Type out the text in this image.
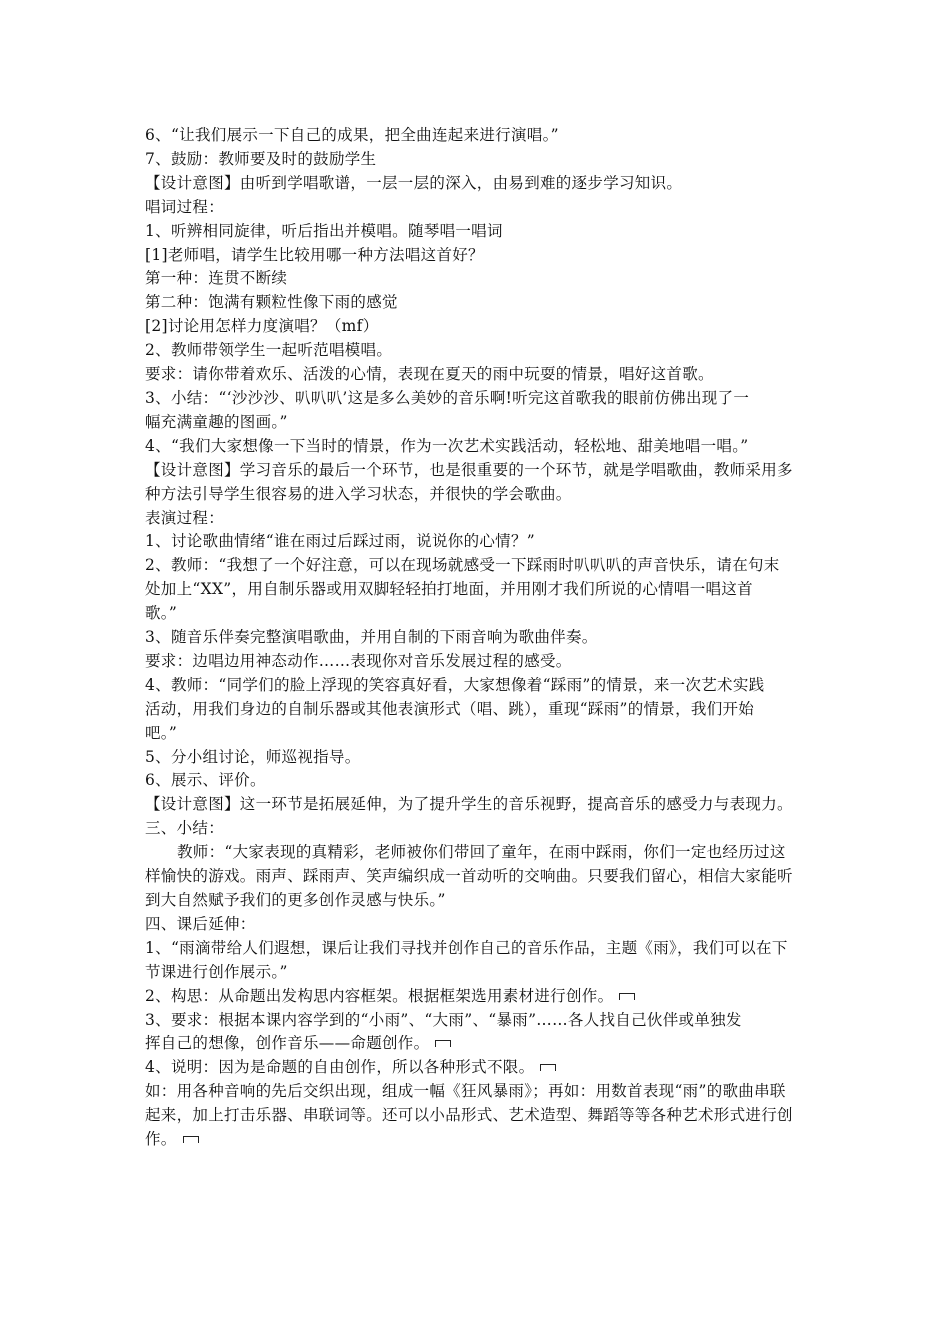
6、“让我们展示一下自己的成果，把全曲连起来进行演唱。”
7、鼓励：教师要及时的鼓励学生
【设计意图】由听到学唱歌谱，一层一层的深入，由易到难的逐步学习知识。
唱词过程：
1、听辨相同旋律，听后指出并模唱。随琴唱一唱词
[1]老师唱，请学生比较用哪一种方法唱这首好？
第一种：连贯不断续
第二种：饱满有颗粒性像下雨的感觉
[2]讨论用怎样力度演唱？（mf）
2、教师带领学生一起听范唱模唱。
要求：请你带着欢乐、活泼的心情，表现在夏天的雨中玩耍的情景，唱好这首歌。
3、小结：“‘沙沙沙、叭叭叭’这是多么美妙的音乐啊!听完这首歌我的眼前仿佛出现了一
幅充满童趣的图画。”
4、“我们大家想像一下当时的情景，作为一次艺术实践活动，轻松地、甜美地唱一唱。”
【设计意图】学习音乐的最后一个环节，也是很重要的一个环节，就是学唱歌曲，教师采用多
种方法引导学生很容易的进入学习状态，并很快的学会歌曲。
表演过程：
1、讨论歌曲情绪“谁在雨过后踩过雨，说说你的心情？”
2、教师：“我想了一个好注意，可以在现场就感受一下踩雨时叭叭叭的声音快乐，请在句末
处加上“XX”，用自制乐器或用双脚轻轻拍打地面，并用刚才我们所说的心情唱一唱这首
歌。”
3、随音乐伴奏完整演唱歌曲，并用自制的下雨音响为歌曲伴奏。
要求：边唱边用神态动作……表现你对音乐发展过程的感受。
4、教师：“同学们的脸上浮现的笑容真好看，大家想像着“踩雨”的情景，来一次艺术实践
活动，用我们身边的自制乐器或其他表演形式（唱、跳），重现“踩雨”的情景，我们开始
吧。”
5、分小组讨论，师巡视指导。
6、展示、评价。
【设计意图】这一环节是拓展延伸，为了提升学生的音乐视野，提高音乐的感受力与表现力。
三、小结：
教师：“大家表现的真精彩，老师被你们带回了童年，在雨中踩雨，你们一定也经历过这
样愉快的游戏。雨声、踩雨声、笑声编织成一首动听的交响曲。只要我们留心，相信大家能听
到大自然赋予我们的更多创作灵感与快乐。”
四、课后延伸：
1、“雨滴带给人们遐想，课后让我们寻找并创作自己的音乐作品，主题《雨》，我们可以在下
节课进行创作展示。”
2、构思：从命题出发构思内容框架。根据框架选用素材进行创作。
3、要求：根据本课内容学到的“小雨”、“大雨”、“暴雨”……各人找自己伙伴或单独发
挥自己的想像，创作音乐——命题创作。
4、说明：因为是命题的自由创作，所以各种形式不限。
如：用各种音响的先后交织出现，组成一幅《狂风暴雨》；再如：用数首表现“雨”的歌曲串联
起来，加上打击乐器、串联词等。还可以小品形式、艺术造型、舞蹈等等各种艺术形式进行创
作。
